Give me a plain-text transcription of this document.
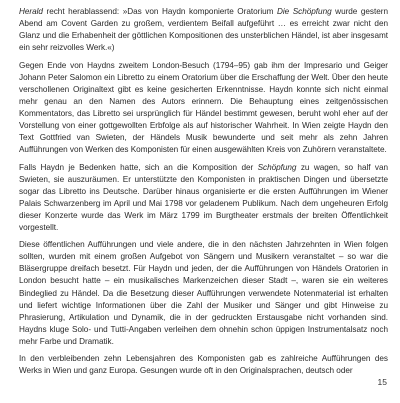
Herald recht herablassend: »Das von Haydn komponierte Oratorium Die Schöpfung wurde gestern Abend am Covent Garden zu großem, verdientem Beifall aufgeführt … es erreicht zwar nicht den Glanz und die Erhabenheit der göttlichen Kompositionen des unsterblichen Händel, ist aber insgesamt ein sehr reizvolles Werk.«)

Gegen Ende von Haydns zweitem London-Besuch (1794–95) gab ihm der Impresario und Geiger Johann Peter Salomon ein Libretto zu einem Oratorium über die Erschaffung der Welt. Über den heute verschollenen Originaltext gibt es keine gesicherten Erkenntnisse. Haydn konnte sich nicht einmal mehr genau an den Namen des Autors erinnern. Die Behauptung eines zeitgenössischen Kommentators, das Libretto sei ursprünglich für Händel bestimmt gewesen, beruht wohl eher auf der Vorstellung von einer gottgewollten Erbfolge als auf historischer Wahrheit. In Wien zeigte Haydn den Text Gottfried van Swieten, der Händels Musik bewunderte und seit mehr als zehn Jahren Aufführungen von Werken des Komponisten für einen ausgewählten Kreis von Zuhörern veranstaltete.

Falls Haydn je Bedenken hatte, sich an die Komposition der Schöpfung zu wagen, so half van Swieten, sie auszuräumen. Er unterstützte den Komponisten in praktischen Dingen und übersetzte sogar das Libretto ins Deutsche. Darüber hinaus organisierte er die ersten Aufführungen im Wiener Palais Schwarzenberg im April und Mai 1798 vor geladenem Publikum. Nach dem ungeheuren Erfolg dieser Konzerte wurde das Werk im März 1799 im Burgtheater erstmals der breiten Öffentlichkeit vorgestellt.

Diese öffentlichen Aufführungen und viele andere, die in den nächsten Jahrzehnten in Wien folgen sollten, wurden mit einem großen Aufgebot von Sängern und Musikern veranstaltet – so war die Bläsergruppe dreifach besetzt. Für Haydn und jeden, der die Aufführungen von Händels Oratorien in London besucht hatte – ein musikalisches Markenzeichen dieser Stadt –, waren sie ein weiteres Bindeglied zu Händel. Da die Besetzung dieser Aufführungen verwendete Notenmaterial ist erhalten und liefert wichtige Informationen über die Zahl der Musiker und Sänger und gibt Hinweise zu Phrasierung, Artikulation und Dynamik, die in der gedruckten Erstausgabe nicht vorhanden sind. Haydns kluge Solo- und Tutti-Angaben verleihen dem ohnehin schon üppigen Instrumentalsatz noch mehr Farbe und Dramatik.

In den verbleibenden zehn Lebensjahren des Komponisten gab es zahlreiche Aufführungen des Werks in Wien und ganz Europa. Gesungen wurde oft in den Originalsprachen, deutsch oder

15
